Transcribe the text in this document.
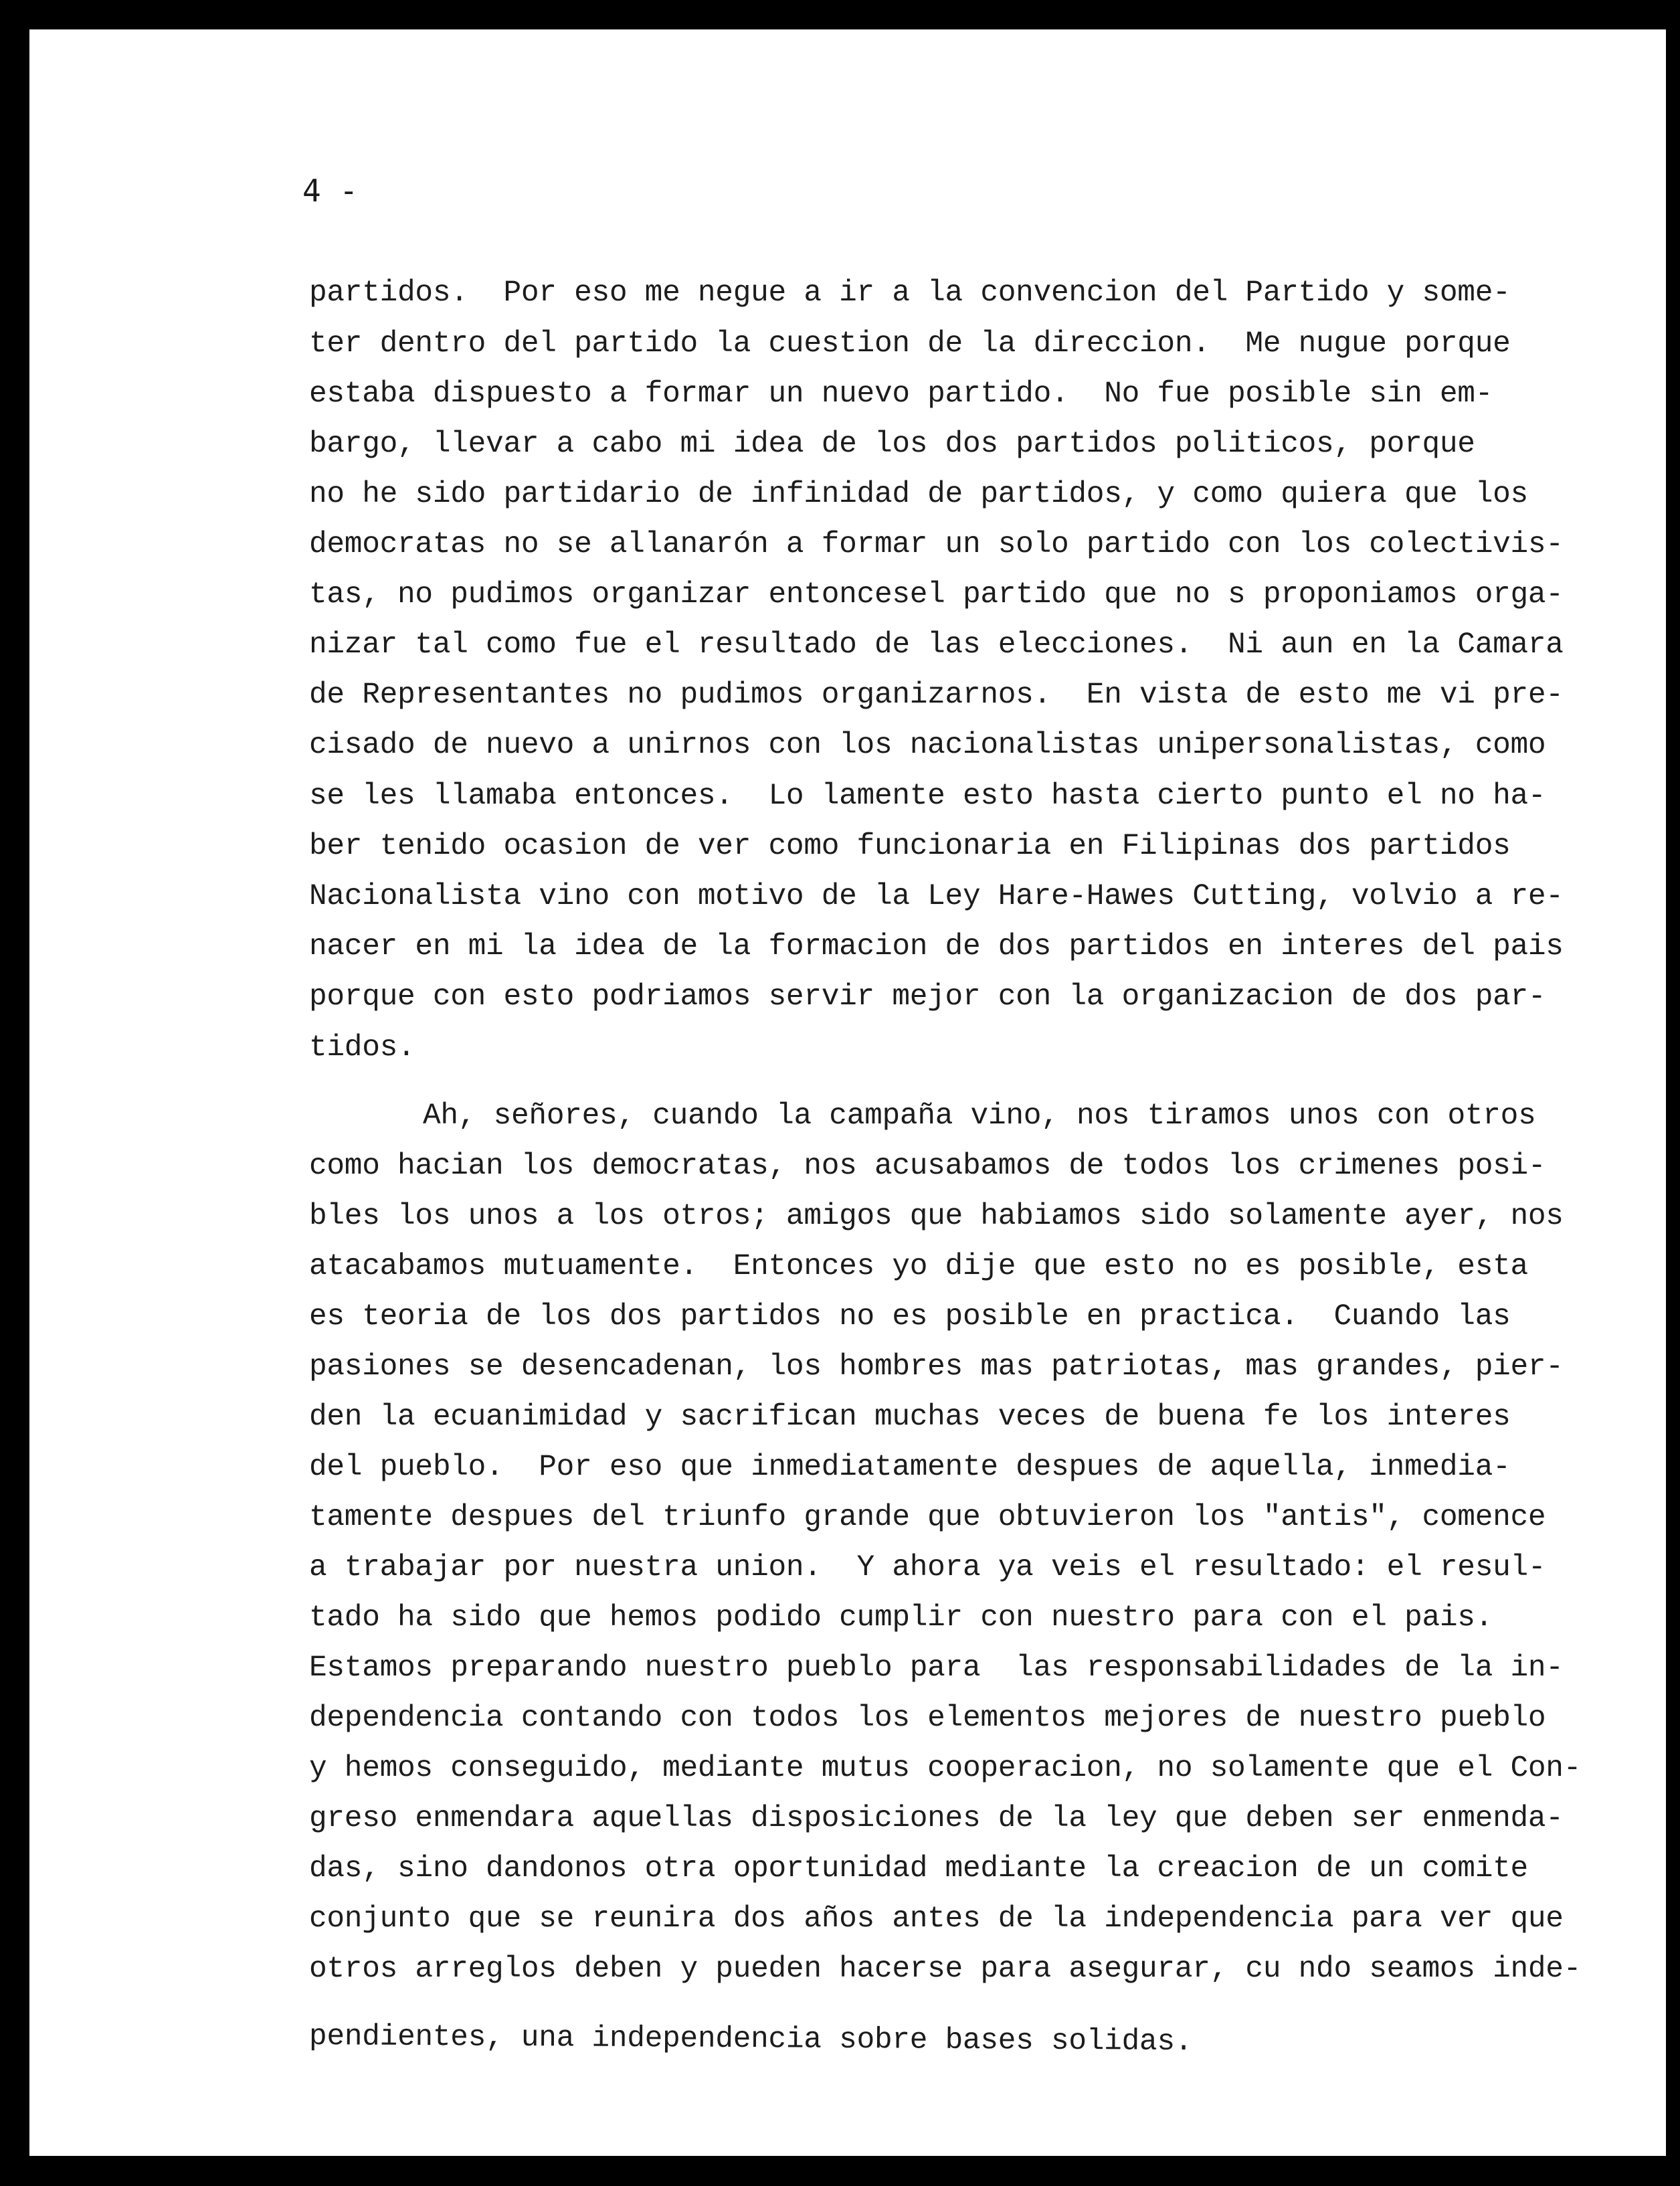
4 -
partidos.  Por eso me negue a ir a la convencion del Partido y some-
ter dentro del partido la cuestion de la direccion.  Me nugue porque
estaba dispuesto a formar un nuevo partido.  No fue posible sin em-
bargo, llevar a cabo mi idea de los dos partidos politicos, porque
no he sido partidario de infinidad de partidos, y como quiera que los
democratas no se allanarón a formar un solo partido con los colectivis-
tas, no pudimos organizar entoncesel partido que no s proponiamos orga-
nizar tal como fue el resultado de las elecciones.  Ni aun en la Camara
de Representantes no pudimos organizarnos.  En vista de esto me vi pre-
cisado de nuevo a unirnos con los nacionalistas unipersonalistas, como
se les llamaba entonces.  Lo lamente esto hasta cierto punto el no ha-
ber tenido ocasion de ver como funcionaria en Filipinas dos partidos
Nacionalista vino con motivo de la Ley Hare-Hawes Cutting, volvio a re-
nacer en mi la idea de la formacion de dos partidos en interes del pais
porque con esto podriamos servir mejor con la organizacion de dos par-
tidos.
Ah, señores, cuando la campaña vino, nos tiramos unos con otros
como hacian los democratas, nos acusabamos de todos los crimenes posi-
bles los unos a los otros; amigos que habiamos sido solamente ayer, nos
atacabamos mutuamente.  Entonces yo dije que esto no es posible, esta
es teoria de los dos partidos no es posible en practica.  Cuando las
pasiones se desencadenan, los hombres mas patriotas, mas grandes, pier-
den la ecuanimidad y sacrifican muchas veces de buena fe los interes
del pueblo.  Por eso que inmediatamente despues de aquella, inmedia-
tamente despues del triunfo grande que obtuvieron los "antis", comence
a trabajar por nuestra union.  Y ahora ya veis el resultado: el resul-
tado ha sido que hemos podido cumplir con nuestro para con el pais.
Estamos preparando nuestro pueblo para  las responsabilidades de la in-
dependencia contando con todos los elementos mejores de nuestro pueblo
y hemos conseguido, mediante mutus cooperacion, no solamente que el Con-
greso enmendara aquellas disposiciones de la ley que deben ser enmenda-
das, sino dandonos otra oportunidad mediante la creacion de un comite
conjunto que se reunira dos años antes de la independencia para ver que
otros arreglos deben y pueden hacerse para asegurar, cu ndo seamos inde-
pendientes, una independencia sobre bases solidas.
